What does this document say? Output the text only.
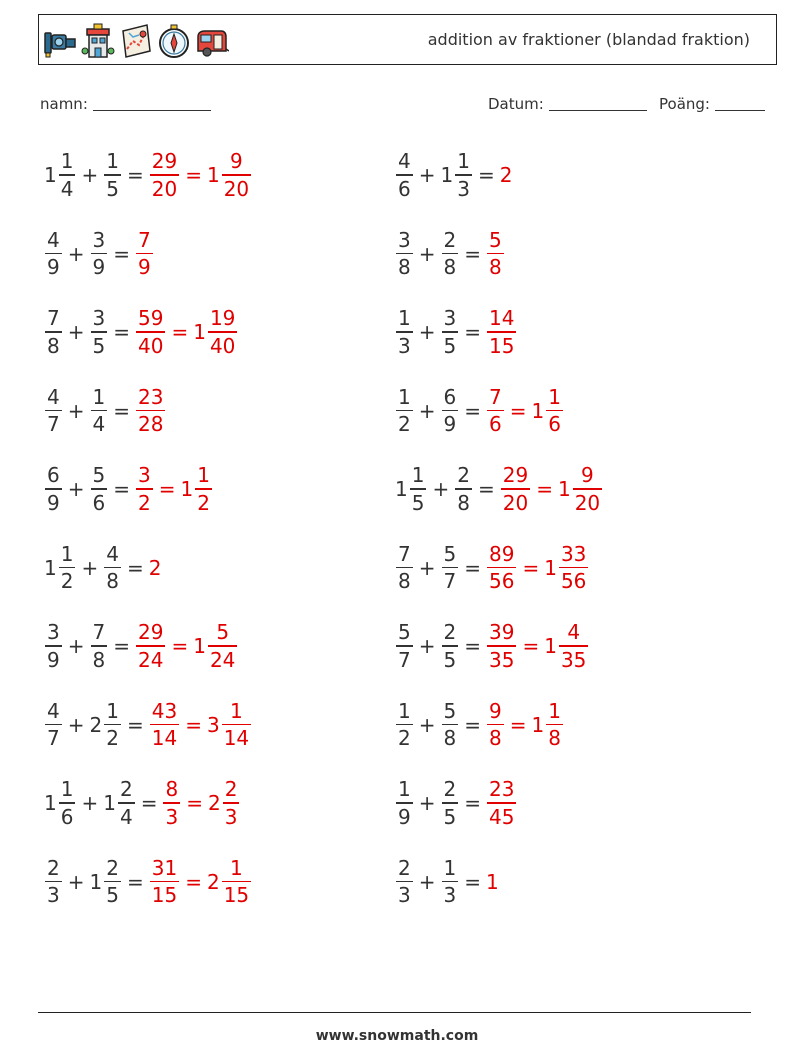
addition av fraktioner (blandad fraktion)
namn:	Datum:	Poäng:
$1 \frac{1}{4} + \frac{1}{5} = \frac{29}{20} = 1 \frac{9}{20}$	$\frac{4}{6} + 1 \frac{1}{3} = 2$
$\frac{4}{9} + \frac{3}{9} = \frac{7}{9}$	$\frac{3}{8} + \frac{2}{8} = \frac{5}{8}$
$\frac{7}{8} + \frac{3}{5} = \frac{59}{40} = 1 \frac{19}{40}$	$\frac{1}{3} + \frac{3}{5} = \frac{14}{15}$
$\frac{4}{7} + \frac{1}{4} = \frac{23}{28}$	$\frac{1}{2} + \frac{6}{9} = \frac{7}{6} = 1 \frac{1}{6}$
$\frac{6}{9} + \frac{5}{6} = \frac{3}{2} = 1 \frac{1}{2}$	$1 \frac{1}{5} + \frac{2}{8} = \frac{29}{20} = 1 \frac{9}{20}$
$1 \frac{1}{2} + \frac{4}{8} = 2$	$\frac{7}{8} + \frac{5}{7} = \frac{89}{56} = 1 \frac{33}{56}$
$\frac{3}{9} + \frac{7}{8} = \frac{29}{24} = 1 \frac{5}{24}$	$\frac{5}{7} + \frac{2}{5} = \frac{39}{35} = 1 \frac{4}{35}$
$\frac{4}{7} + 2 \frac{1}{2} = \frac{43}{14} = 3 \frac{1}{14}$	$\frac{1}{2} + \frac{5}{8} = \frac{9}{8} = 1 \frac{1}{8}$
$1 \frac{1}{6} + 1 \frac{2}{4} = \frac{8}{3} = 2 \frac{2}{3}$	$\frac{1}{9} + \frac{2}{5} = \frac{23}{45}$
$\frac{2}{3} + 1 \frac{2}{5} = \frac{31}{15} = 2 \frac{1}{15}$	$\frac{2}{3} + \frac{1}{3} = 1$
www.snowmath.com
